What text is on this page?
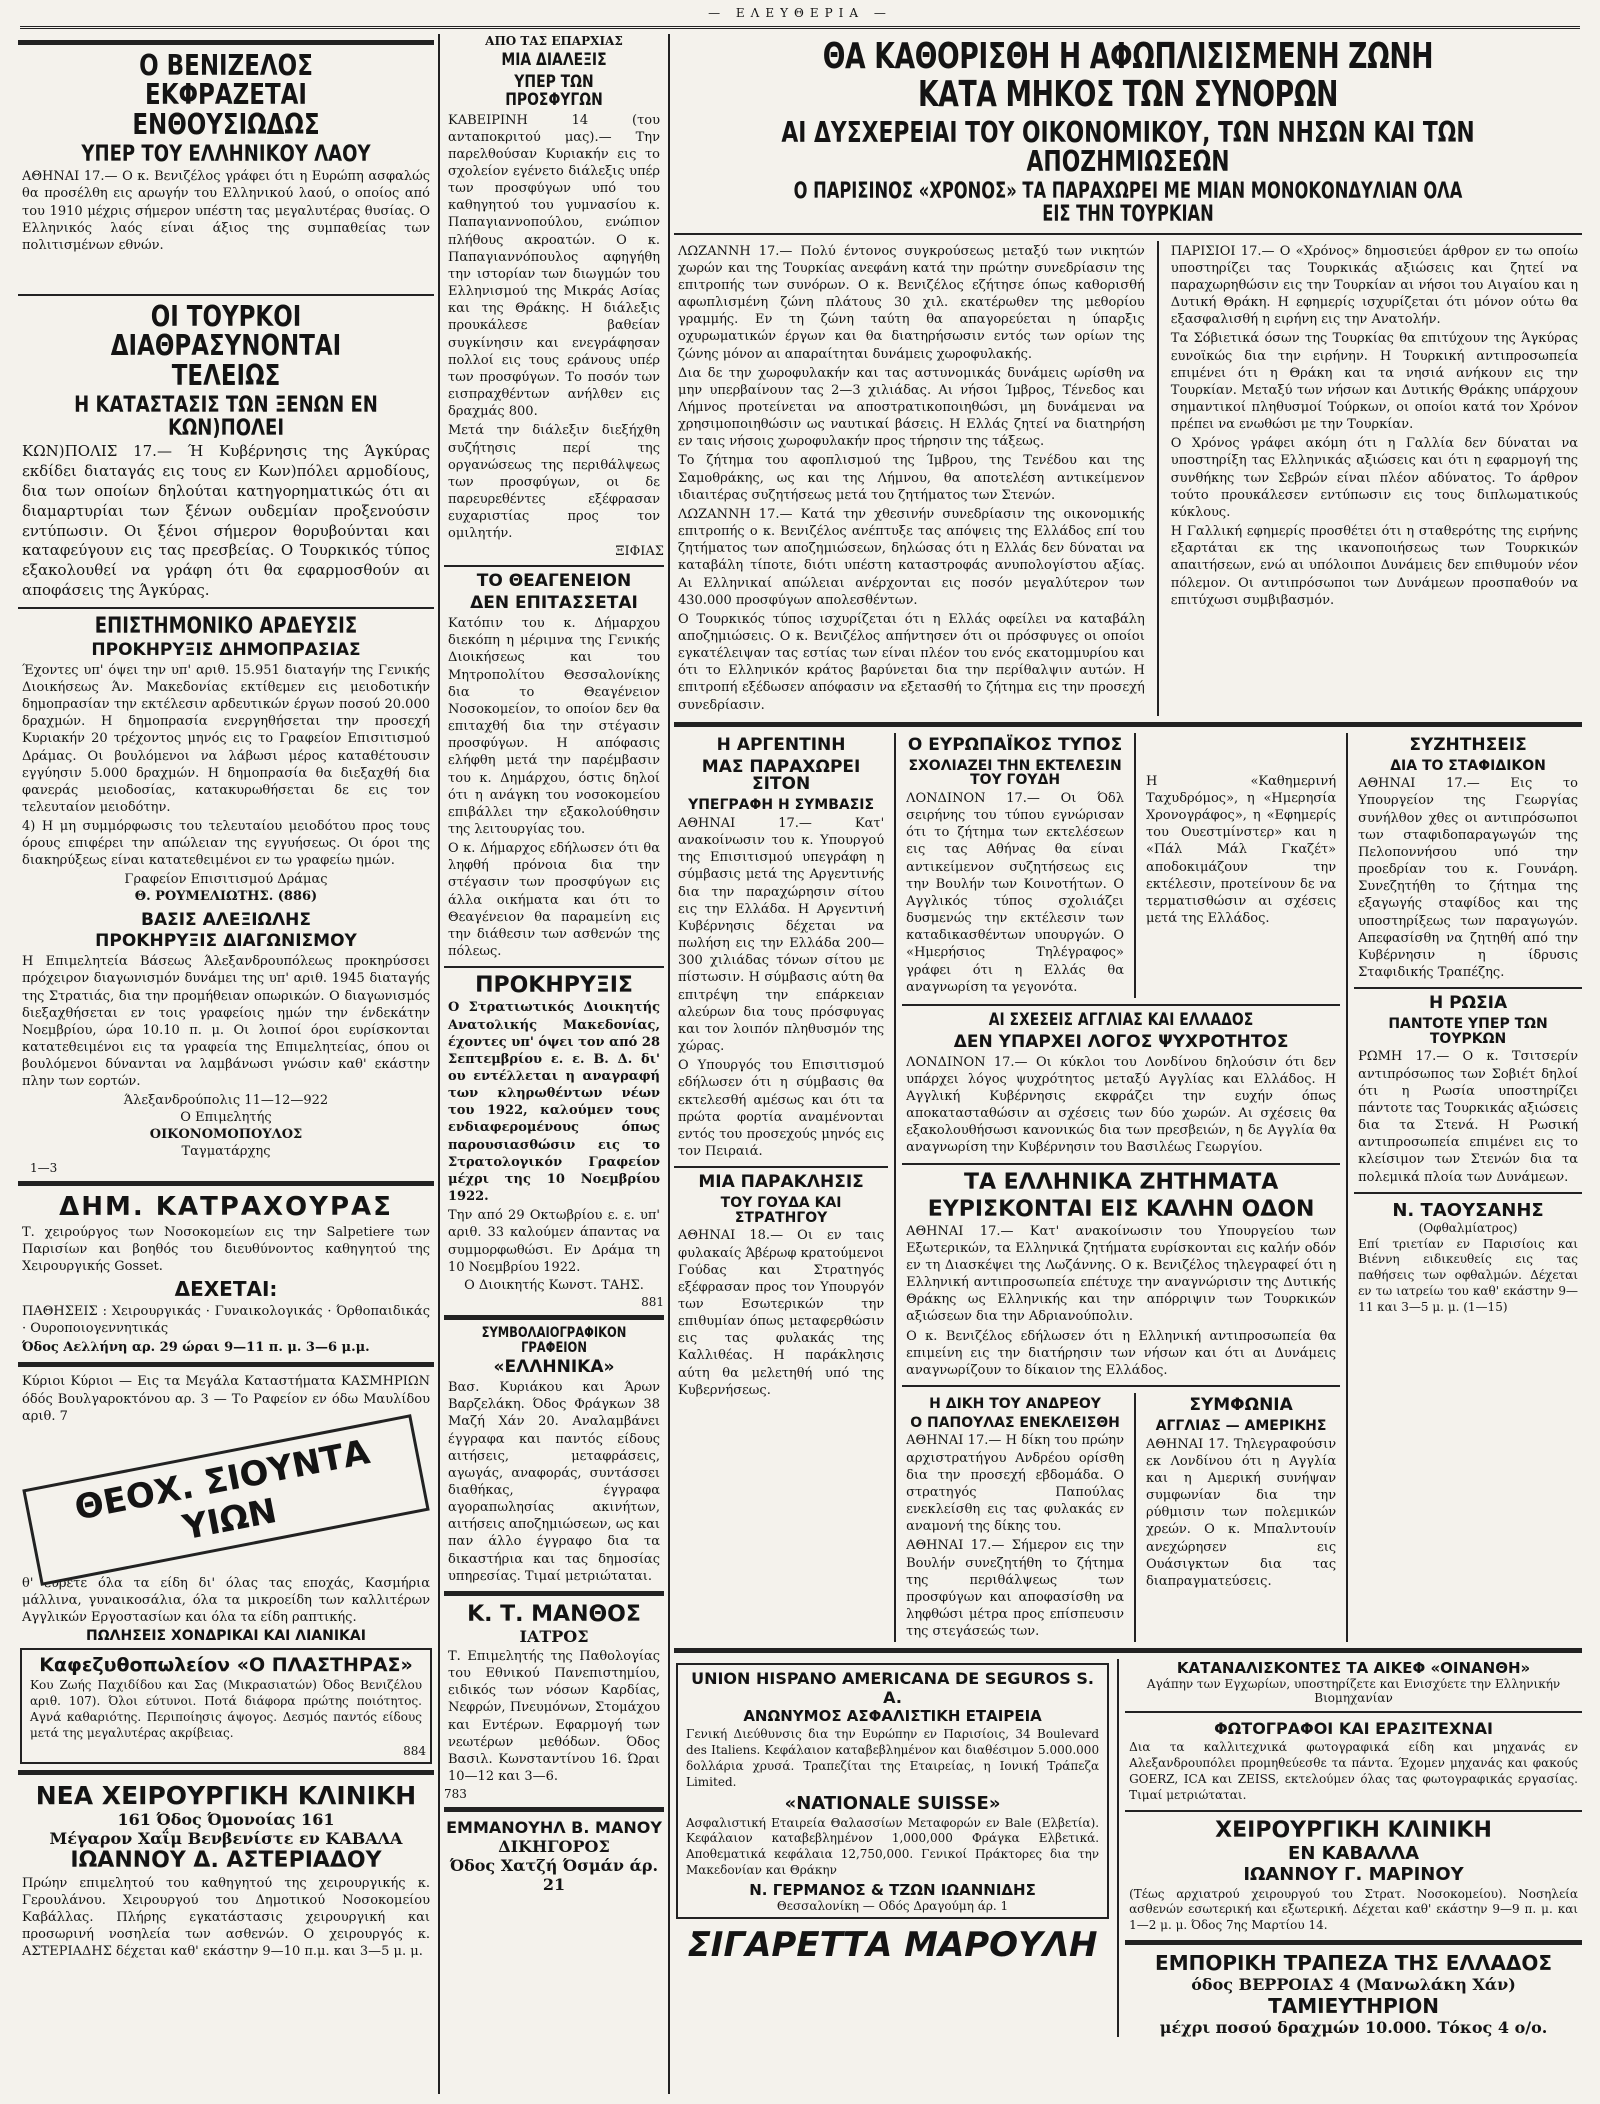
— ΕΛΕΥΘΕΡΙΑ —
Ο ΒΕΝΙΖΕΛΟΣ ΕΚΦΡΑΖΕΤΑΙ ΕΝΘΟΥΣΙΩΔΩΣ
ΥΠΕΡ ΤΟΥ ΕΛΛΗΝΙΚΟΥ ΛΑΟΥ
ΑΘΗΝΑΙ 17.— Ο κ. Βενιζέλος γράφει ότι η Ευρώπη ασφαλώς θα προσέλθη εις αρωγήν του Ελληνικού λαού, ο οποίος από του 1910 μέχρις σήμερον υπέστη τας μεγαλυτέρας θυσίας. Ο Ελληνικός λαός είναι άξιος της συμπαθείας των πολιτισμένων εθνών.
ΟΙ ΤΟΥΡΚΟΙ ΔΙΑΘΡΑΣΥΝΟΝΤΑΙ ΤΕΛΕΙΩΣ
Η ΚΑΤΑΣΤΑΣΙΣ ΤΩΝ ΞΕΝΩΝ ΕΝ ΚΩΝ)ΠΟΛΕΙ
ΚΩΝ)ΠΟΛΙΣ 17.— Ή Κυβέρνησις της Άγκύρας εκδίδει διαταγάς εις τους εν Κων)πόλει αρμοδίους, δια των οποίων δηλούται κατηγορηματικώς ότι αι διαμαρτυρίαι των ξένων ουδεμίαν προξενούσιν εντύπωσιν. Οι ξένοι σήμερον θορυβούνται και καταφεύγουν εις τας πρεσβείας. Ο Τουρκικός τύπος εξακολουθεί να γράφη ότι θα εφαρμοσθούν αι αποφάσεις της Άγκύρας.
ΕΠΙΣΤΗΜΟΝΙΚΟ ΑΡΔΕΥΣΙΣ
ΠΡΟΚΗΡΥΞΙΣ ΔΗΜΟΠΡΑΣΙΑΣ
Έχοντες υπ' όψει την υπ' αριθ. 15.951 διαταγήν της Γενικής Διοικήσεως Άν. Μακεδονίας εκτίθεμεν εις μειοδοτικήν δημοπρασίαν την εκτέλεσιν αρδευτικών έργων ποσού 20.000 δραχμών. Η δημοπρασία ενεργηθήσεται την προσεχή Κυριακήν 20 τρέχοντος μηνός εις το Γραφείον Επισιτισμού Δράμας. Οι βουλόμενοι να λάβωσι μέρος καταθέτουσιν εγγύησιν 5.000 δραχμών. Η δημοπρασία θα διεξαχθή δια φανεράς μειοδοσίας, κατακυρωθήσεται δε εις τον τελευταίον μειοδότην.
4) Η μη συμμόρφωσις του τελευταίου μειοδότου προς τους όρους επιφέρει την απώλειαν της εγγυήσεως. Οι όροι της διακηρύξεως είναι κατατεθειμένοι εν τω γραφείω ημών.
Γραφείον Επισιτισμού Δράμας
Θ. ΡΟΥΜΕΛΙΩΤΗΣ. (886)
ΒΑΣΙΣ ΑΛΕΞΙΩΛΗΣ
ΠΡΟΚΗΡΥΞΙΣ ΔΙΑΓΩΝΙΣΜΟΥ
Η Επιμελητεία Βάσεως Άλεξανδρουπόλεως προκηρύσσει πρόχειρον διαγωνισμόν δυνάμει της υπ' αριθ. 1945 διαταγής της Στρατιάς, δια την προμήθειαν οπωρικών. Ο διαγωνισμός διεξαχθήσεται εν τοις γραφείοις ημών την ένδεκάτην Νοεμβρίου, ώρα 10.10 π. μ. Οι λοιποί όροι ευρίσκονται κατατεθειμένοι εις τα γραφεία της Επιμελητείας, όπου οι βουλόμενοι δύνανται να λαμβάνωσι γνώσιν καθ' εκάστην πλην των εορτών.
Άλεξανδρούπολις 11—12—922
Ο Επιμελητής
ΟΙΚΟΝΟΜΟΠΟΥΛΟΣ
Ταγματάρχης
1—3
ΔΗΜ. ΚΑΤΡΑΧΟΥΡΑΣ
Τ. χειρούργος των Νοσοκομείων εις την Salpetiere των Παρισίων και βοηθός του διευθύνοντος καθηγητού της Χειρουργικής Gosset.
ΔΕΧΕΤΑΙ:
ΠΑΘΗΣΕΙΣ : Χειρουργικάς · Γυναικολογικάς · Όρθοπαιδικάς · Ουροποιογεννητικάς
Όδος Αελλήνη αρ. 29 ώραι 9—11 π. μ. 3—6 μ.μ.
Κύριοι Κύριοι — Εις τα Μεγάλα Καταστήματα ΚΑΣΜΗΡΙΩΝ όδός Βουλγαροκτόνου αρ. 3 — Το Ραφείον εν όδω Μαυλίδου αριθ. 7
ΘΕΟΧ. ΣΙΟΥΝΤΑ ΥΙΩΝ
θ' εύρετε όλα τα είδη δι' όλας τας εποχάς, Κασμήρια μάλλινα, γυναικοσάλια, όλα τα μικροείδη των καλλιτέρων Αγγλικών Εργοστασίων και όλα τα είδη ραπτικής.
ΠΩΛΗΣΕΙΣ ΧΟΝΔΡΙΚΑΙ ΚΑΙ ΛΙΑΝΙΚΑΙ
Καφεζυθοπωλείον «Ο ΠΛΑΣΤΗΡΑΣ»
Κου Ζωής Παχιδίδου και Σας (Μικρασιατών) Όδος Βενιζέλου αριθ. 107). Όλοι εύτυνοι. Ποτά διάφορα πρώτης ποιότητος. Αγνά καθαριότης. Περιποίησις άψογος. Δεσμός παντός είδους μετά της μεγαλυτέρας ακρίβειας.
884
ΝΕΑ ΧΕΙΡΟΥΡΓΙΚΗ ΚΛΙΝΙΚΗ
161 Όδος Όμονοίας 161
Μέγαρον Χαΐμ Βενβενίστε εν ΚΑΒΑΛΑ
ΙΩΑΝΝΟΥ Δ. ΑΣΤΕΡΙΑΔΟΥ
Πρώην επιμελητού του καθηγητού της χειρουργικής κ. Γερουλάνου. Χειρουργού του Δημοτικού Νοσοκομείου Καβάλλας. Πλήρης εγκατάστασις χειρουργική και προσωρινή νοσηλεία των ασθενών. Ο χειρουργός κ. ΑΣΤΕΡΙΑΔΗΣ δέχεται καθ' εκάστην 9—10 π.μ. και 3—5 μ. μ.
ΑΠΟ ΤΑΣ ΕΠΑΡΧΙΑΣ
ΜΙΑ ΔΙΑΛΕΞΙΣ
ΥΠΕΡ ΤΩΝ ΠΡΟΣΦΥΓΩΝ
ΚΑΒΕΙΡΙΝΗ 14 (του ανταποκριτού μας).— Την παρελθούσαν Κυριακήν εις το σχολείον εγένετο διάλεξις υπέρ των προσφύγων υπό του καθηγητού του γυμνασίου κ. Παπαγιαννοπούλου, ενώπιον πλήθους ακροατών. Ο κ. Παπαγιαννόπουλος αφηγήθη την ιστορίαν των διωγμών του Ελληνισμού της Μικράς Ασίας και της Θράκης. Η διάλεξις προυκάλεσε βαθείαν συγκίνησιν και ενεγράφησαν πολλοί εις τους εράνους υπέρ των προσφύγων. Το ποσόν των εισπραχθέντων ανήλθεν εις δραχμάς 800.
Μετά την διάλεξιν διεξήχθη συζήτησις περί της οργανώσεως της περιθάλψεως των προσφύγων, οι δε παρευρεθέντες εξέφρασαν ευχαριστίας προς τον ομιλητήν.
ΞΙΦΙΑΣ
ΤΟ ΘΕΑΓΕΝΕΙΟΝ
ΔΕΝ ΕΠΙΤΑΣΣΕΤΑΙ
Κατόπιν του κ. Δήμαρχου διεκόπη η μέριμνα της Γενικής Διοικήσεως και του Μητροπολίτου Θεσσαλονίκης δια το Θεαγένειον Νοσοκομείον, το οποίον δεν θα επιταχθή δια την στέγασιν προσφύγων. Η απόφασις ελήφθη μετά την παρέμβασιν του κ. Δημάρχου, όστις δηλοί ότι η ανάγκη του νοσοκομείου επιβάλλει την εξακολούθησιν της λειτουργίας του.
Ο κ. Δήμαρχος εδήλωσεν ότι θα ληφθή πρόνοια δια την στέγασιν των προσφύγων εις άλλα οικήματα και ότι το Θεαγένειον θα παραμείνη εις την διάθεσιν των ασθενών της πόλεως.
ΠΡΟΚΗΡΥΞΙΣ
Ο Στρατιωτικός Διοικητής Ανατολικής Μακεδονίας, έχοντες υπ' όψει τον από 28 Σεπτεμβρίου ε. ε. Β. Δ. δι' ου εντέλλεται η αναγραφή των κληρωθέντων νέων του 1922, καλούμεν τους ενδιαφερομένους όπως παρουσιασθώσιν εις το Στρατολογικόν Γραφείον μέχρι της 10 Νοεμβρίου 1922.
Την από 29 Οκτωβρίου ε. ε. υπ' αριθ. 33 καλούμεν άπαντας να συμμορφωθώσι. Εν Δράμα τη 10 Νοεμβρίου 1922.
Ο Διοικητής Κωνστ. ΤΑΗΣ.
881
ΣΥΜΒΟΛΑΙΟΓΡΑΦΙΚΟΝ ΓΡΑΦΕΙΟΝ
«ΕΛΛΗΝΙΚΑ»
Βασ. Κυριάκου και Άρων Βαρζελάκη. Όδος Φράγκων 38 Μαζή Χάν 20. Αναλαμβάνει έγγραφα και παντός είδους αιτήσεις, μεταφράσεις, αγωγάς, αναφοράς, συντάσσει διαθήκας, έγγραφα αγοραπωλησίας ακινήτων, αιτήσεις αποζημιώσεων, ως και παν άλλο έγγραφο δια τα δικαστήρια και τας δημοσίας υπηρεσίας. Τιμαί μετριώταται.
Κ. Τ. ΜΑΝΘΟΣ
ΙΑΤΡΟΣ
Τ. Επιμελητής της Παθολογίας του Εθνικού Πανεπιστημίου, ειδικός των νόσων Καρδίας, Νεφρών, Πνευμόνων, Στομάχου και Εντέρων. Εφαρμογή των νεωτέρων μεθόδων. Όδος Βασιλ. Κωνσταντίνου 16. Ώραι 10—12 και 3—6.
783
ΕΜΜΑΝΟΥΗΛ Β. ΜΑΝΟΥ
ΔΙΚΗΓΟΡΟΣ
Όδος Χατζή Όσμάν άρ. 21
ΘΑ ΚΑΘΟΡΙΣΘΗ Η ΑΦΩΠΛΙΣΙΣΜΕΝΗ ΖΩΝΗ ΚΑΤΑ ΜΗΚΟΣ ΤΩΝ ΣΥΝΟΡΩΝ
ΑΙ ΔΥΣΧΕΡΕΙΑΙ ΤΟΥ ΟΙΚΟΝΟΜΙΚΟΥ, ΤΩΝ ΝΗΣΩΝ ΚΑΙ ΤΩΝ ΑΠΟΖΗΜΙΩΣΕΩΝ
Ο ΠΑΡΙΣΙΝΟΣ «ΧΡΟΝΟΣ» ΤΑ ΠΑΡΑΧΩΡΕΙ ΜΕ ΜΙΑΝ ΜΟΝΟΚΟΝΔΥΛΙΑΝ ΟΛΑ ΕΙΣ ΤΗΝ ΤΟΥΡΚΙΑΝ
ΛΩΖΑΝΝΗ 17.— Πολύ έντονος συγκρούσεως μεταξύ των νικητών χωρών και της Τουρκίας ανεφάνη κατά την πρώτην συνεδρίασιν της επιτροπής των συνόρων. Ο κ. Βενιζέλος εζήτησε όπως καθορισθή αφωπλισμένη ζώνη πλάτους 30 χιλ. εκατέρωθεν της μεθορίου γραμμής. Εν τη ζώνη ταύτη θα απαγορεύεται η ύπαρξις οχυρωματικών έργων και θα διατηρήσωσιν εντός των ορίων της ζώνης μόνον αι απαραίτηται δυνάμεις χωροφυλακής.
Δια δε την χωροφυλακήν και τας αστυνομικάς δυνάμεις ωρίσθη να μην υπερβαίνουν τας 2—3 χιλιάδας. Αι νήσοι Ίμβρος, Τένεδος και Λήμνος προτείνεται να αποστρατικοποιηθώσι, μη δυνάμεναι να χρησιμοποιηθώσιν ως ναυτικαί βάσεις. Η Ελλάς ζητεί να διατηρήση εν ταις νήσοις χωροφυλακήν προς τήρησιν της τάξεως.
Το ζήτημα του αφοπλισμού της Ίμβρου, της Τενέδου και της Σαμοθράκης, ως και της Λήμνου, θα αποτελέση αντικείμενον ιδιαιτέρας συζητήσεως μετά του ζητήματος των Στενών.
ΛΩΖΑΝΝΗ 17.— Κατά την χθεσινήν συνεδρίασιν της οικονομικής επιτροπής ο κ. Βενιζέλος ανέπτυξε τας απόψεις της Ελλάδος επί του ζητήματος των αποζημιώσεων, δηλώσας ότι η Ελλάς δεν δύναται να καταβάλη τίποτε, διότι υπέστη καταστροφάς ανυπολογίστου αξίας. Αι Ελληνικαί απώλειαι ανέρχονται εις ποσόν μεγαλύτερον των 430.000 προσφύγων απολεσθέντων.
Ο Τουρκικός τύπος ισχυρίζεται ότι η Ελλάς οφείλει να καταβάλη αποζημιώσεις. Ο κ. Βενιζέλος απήντησεν ότι οι πρόσφυγες οι οποίοι εγκατέλειψαν τας εστίας των είναι πλέον του ενός εκατομμυρίου και ότι το Ελληνικόν κράτος βαρύνεται δια την περίθαλψιν αυτών. Η επιτροπή εξέδωσεν απόφασιν να εξετασθή το ζήτημα εις την προσεχή συνεδρίασιν.
ΠΑΡΙΣΙΟΙ 17.— Ο «Χρόνος» δημοσιεύει άρθρον εν τω οποίω υποστηρίζει τας Τουρκικάς αξιώσεις και ζητεί να παραχωρηθώσιν εις την Τουρκίαν αι νήσοι του Αιγαίου και η Δυτική Θράκη. Η εφημερίς ισχυρίζεται ότι μόνον ούτω θα εξασφαλισθή η ειρήνη εις την Ανατολήν.
Τα Σόβιετικά όσων της Τουρκίας θα επιτύχουν της Άγκύρας ευνοϊκώς δια την ειρήνην. Η Τουρκική αντιπροσωπεία επιμένει ότι η Θράκη και τα νησιά ανήκουν εις την Τουρκίαν. Μεταξύ των νήσων και Δυτικής Θράκης υπάρχουν σημαντικοί πληθυσμοί Τούρκων, οι οποίοι κατά τον Χρόνον πρέπει να ενωθώσι με την Τουρκίαν.
Ο Χρόνος γράφει ακόμη ότι η Γαλλία δεν δύναται να υποστηρίξη τας Ελληνικάς αξιώσεις και ότι η εφαρμογή της συνθήκης των Σεβρών είναι πλέον αδύνατος. Το άρθρον τούτο προυκάλεσεν εντύπωσιν εις τους διπλωματικούς κύκλους.
Η Γαλλική εφημερίς προσθέτει ότι η σταθερότης της ειρήνης εξαρτάται εκ της ικανοποιήσεως των Τουρκικών απαιτήσεων, ενώ αι υπόλοιποι Δυνάμεις δεν επιθυμούν νέον πόλεμον. Οι αντιπρόσωποι των Δυνάμεων προσπαθούν να επιτύχωσι συμβιβασμόν.
Η ΑΡΓΕΝΤΙΝΗ
ΜΑΣ ΠΑΡΑΧΩΡΕΙ ΣΙΤΟΝ
ΥΠΕΓΡΑΦΗ Η ΣΥΜΒΑΣΙΣ
ΑΘΗΝΑΙ 17.— Κατ' ανακοίνωσιν του κ. Υπουργού της Επισιτισμού υπεγράφη η σύμβασις μετά της Αργεντινής δια την παραχώρησιν σίτου εις την Ελλάδα. Η Αργεντινή Κυβέρνησις δέχεται να πωλήση εις την Ελλάδα 200—300 χιλιάδας τόνων σίτου με πίστωσιν. Η σύμβασις αύτη θα επιτρέψη την επάρκειαν αλεύρων δια τους πρόσφυγας και τον λοιπόν πληθυσμόν της χώρας.
Ο Υπουργός του Επισιτισμού εδήλωσεν ότι η σύμβασις θα εκτελεσθή αμέσως και ότι τα πρώτα φορτία αναμένονται εντός του προσεχούς μηνός εις τον Πειραιά.
ΜΙΑ ΠΑΡΑΚΛΗΣΙΣ
ΤΟΥ ΓΟΥΔΑ ΚΑΙ ΣΤΡΑΤΗΓΟΥ
ΑΘΗΝΑΙ 18.— Οι εν ταις φυλακαίς Άβέρωφ κρατούμενοι Γούδας και Στρατηγός εξέφρασαν προς τον Υπουργόν των Εσωτερικών την επιθυμίαν όπως μεταφερθώσιν εις τας φυλακάς της Καλλιθέας. Η παράκλησις αύτη θα μελετηθή υπό της Κυβερνήσεως.
Ο ΕΥΡΩΠΑΪΚΟΣ ΤΥΠΟΣ
ΣΧΟΛΙΑΖΕΙ ΤΗΝ ΕΚΤΕΛΕΣΙΝ ΤΟΥ ΓΟΥΔΗ
ΛΟΝΔΙΝΟΝ 17.— Οι Όδλ σειρήνης του τύπου εγνώρισαν ότι το ζήτημα των εκτελέσεων εις τας Αθήνας θα είναι αντικείμενον συζητήσεως εις την Βουλήν των Κοινοτήτων. Ο Αγγλικός τύπος σχολιάζει δυσμενώς την εκτέλεσιν των καταδικασθέντων υπουργών. Ο «Ημερήσιος Τηλέγραφος» γράφει ότι η Ελλάς θα αναγνωρίση τα γεγονότα.
Η «Καθημερινή Ταχυδρόμος», η «Ημερησία Χρονογράφος», η «Εφημερίς του Ουεστμίνστερ» και η «Πάλ Μάλ Γκαζέτ» αποδοκιμάζουν την εκτέλεσιν, προτείνουν δε να τερματισθώσιν αι σχέσεις μετά της Ελλάδος.
ΑΙ ΣΧΕΣΕΙΣ ΑΓΓΛΙΑΣ ΚΑΙ ΕΛΛΑΔΟΣ
ΔΕΝ ΥΠΑΡΧΕΙ ΛΟΓΟΣ ΨΥΧΡΟΤΗΤΟΣ
ΛΟΝΔΙΝΟΝ 17.— Οι κύκλοι του Λονδίνου δηλούσιν ότι δεν υπάρχει λόγος ψυχρότητος μεταξύ Αγγλίας και Ελλάδος. Η Αγγλική Κυβέρνησις εκφράζει την ευχήν όπως αποκατασταθώσιν αι σχέσεις των δύο χωρών. Αι σχέσεις θα εξακολουθήσωσι κανονικώς δια των πρεσβειών, η δε Αγγλία θα αναγνωρίση την Κυβέρνησιν του Βασιλέως Γεωργίου.
ΤΑ ΕΛΛΗΝΙΚΑ ΖΗΤΗΜΑΤΑ
ΕΥΡΙΣΚΟΝΤΑΙ ΕΙΣ ΚΑΛΗΝ ΟΔΟΝ
ΑΘΗΝΑΙ 17.— Κατ' ανακοίνωσιν του Υπουργείου των Εξωτερικών, τα Ελληνικά ζητήματα ευρίσκονται εις καλήν οδόν εν τη Διασκέψει της Λωζάννης. Ο κ. Βενιζέλος τηλεγραφεί ότι η Ελληνική αντιπροσωπεία επέτυχε την αναγνώρισιν της Δυτικής Θράκης ως Ελληνικής και την απόρριψιν των Τουρκικών αξιώσεων δια την Αδριανούπολιν.
Ο κ. Βενιζέλος εδήλωσεν ότι η Ελληνική αντιπροσωπεία θα επιμείνη εις την διατήρησιν των νήσων και ότι αι Δυνάμεις αναγνωρίζουν το δίκαιον της Ελλάδος.
Η ΔΙΚΗ ΤΟΥ ΑΝΔΡΕΟΥ
Ο ΠΑΠΟΥΛΑΣ ΕΝΕΚΛΕΙΣΘΗ
ΑΘΗΝΑΙ 17.— Η δίκη του πρώην αρχιστρατήγου Ανδρέου ορίσθη δια την προσεχή εβδομάδα. Ο στρατηγός Παπούλας ενεκλείσθη εις τας φυλακάς εν αναμονή της δίκης του.
ΑΘΗΝΑΙ 17.— Σήμερον εις την Βουλήν συνεζητήθη το ζήτημα της περιθάλψεως των προσφύγων και αποφασίσθη να ληφθώσι μέτρα προς επίσπευσιν της στεγάσεώς των.
ΣΥΜΦΩΝΙΑ
ΑΓΓΛΙΑΣ — ΑΜΕΡΙΚΗΣ
ΑΘΗΝΑΙ 17. Τηλεγραφούσιν εκ Λονδίνου ότι η Αγγλία και η Αμερική συνήψαν συμφωνίαν δια την ρύθμισιν των πολεμικών χρεών. Ο κ. Μπαλντουίν ανεχώρησεν εις Ουάσιγκτων δια τας διαπραγματεύσεις.
ΣΥΖΗΤΗΣΕΙΣ
ΔΙΑ ΤΟ ΣΤΑΦΙΔΙΚΟΝ
ΑΘΗΝΑΙ 17.— Εις το Υπουργείον της Γεωργίας συνήλθον χθες οι αντιπρόσωποι των σταφιδοπαραγωγών της Πελοποννήσου υπό την προεδρίαν του κ. Γουνάρη. Συνεζητήθη το ζήτημα της εξαγωγής σταφίδος και της υποστηρίξεως των παραγωγών. Απεφασίσθη να ζητηθή από την Κυβέρνησιν η ίδρυσις Σταφιδικής Τραπέζης.
Η ΡΩΣΙΑ
ΠΑΝΤΟΤΕ ΥΠΕΡ ΤΩΝ ΤΟΥΡΚΩΝ
ΡΩΜΗ 17.— Ο κ. Τσιτσερίν αντιπρόσωπος των Σοβιέτ δηλοί ότι η Ρωσία υποστηρίζει πάντοτε τας Τουρκικάς αξιώσεις δια τα Στενά. Η Ρωσική αντιπροσωπεία επιμένει εις το κλείσιμον των Στενών δια τα πολεμικά πλοία των Δυνάμεων.
Ν. ΤΑΟΥΣΑΝΗΣ
(Οφθαλμίατρος)
Επί τριετίαν εν Παρισίοις και Βιέννη ειδικευθείς εις τας παθήσεις των οφθαλμών. Δέχεται εν τω ιατρείω του καθ' εκάστην 9—11 και 3—5 μ. μ. (1—15)
UNION HISPANO AMERICANA DE SEGUROS S. A.
ΑΝΩΝΥΜΟΣ ΑΣΦΑΛΙΣΤΙΚΗ ΕΤΑΙΡΕΙΑ
Γενική Διεύθυνσις δια την Ευρώπην εν Παρισίοις, 34 Boulevard des Italiens. Κεφάλαιον καταβεβλημένον και διαθέσιμον 5.000.000 δολλάρια χρυσά. Τραπεζίται της Εταιρείας, η Ιονική Τράπεζα Limited.
«NATIONALE SUISSE»
Ασφαλιστική Εταιρεία Θαλασσίων Μεταφορών εν Bale (Ελβετία). Κεφάλαιον καταβεβλημένον 1,000,000 Φράγκα Ελβετικά. Αποθεματικά κεφάλαια 12,750,000. Γενικοί Πράκτορες δια την Μακεδονίαν και Θράκην
Ν. ΓΕΡΜΑΝΟΣ & ΤΖΩΝ ΙΩΑΝΝΙΔΗΣ
Θεσσαλονίκη — Οδός Δραγούμη άρ. 1
ΣΙΓΑΡΕΤΤΑ ΜΑΡΟΥΛΗ
ΚΑΤΑΝΑΛΙΣΚΟΝΤΕΣ ΤΑ ΑΙΚΕΦ «ΟΙΝΑΝΘΗ»
Αγάπην των Εγχωρίων, υποστηρίζετε και Ενισχύετε την Ελληνικήν Βιομηχανίαν
ΦΩΤΟΓΡΑΦΟΙ ΚΑΙ ΕΡΑΣΙΤΕΧΝΑΙ
Δια τα καλλιτεχνικά φωτογραφικά είδη και μηχανάς εν Αλεξανδρουπόλει προμηθεύεσθε τα πάντα. Έχομεν μηχανάς και φακούς GOERZ, ICA και ZEISS, εκτελούμεν όλας τας φωτογραφικάς εργασίας. Τιμαί μετριώταται.
ΧΕΙΡΟΥΡΓΙΚΗ ΚΛΙΝΙΚΗ
ΕΝ ΚΑΒΑΛΛΑ
ΙΩΑΝΝΟΥ Γ. ΜΑΡΙΝΟΥ
(Τέως αρχιατρού χειρουργού του Στρατ. Νοσοκομείου). Νοσηλεία ασθενών εσωτερική και εξωτερική. Δέχεται καθ' εκάστην 9—9 π. μ. και 1—2 μ. μ. Όδος 7ης Μαρτίου 14.
ΕΜΠΟΡΙΚΗ ΤΡΑΠΕΖΑ ΤΗΣ ΕΛΛΑΔΟΣ
όδος ΒΕΡΡΟΙΑΣ 4 (Μανωλάκη Χάν)
ΤΑΜΙΕΥΤΗΡΙΟΝ
μέχρι ποσού δραχμών 10.000. Τόκος 4 ο/ο.
